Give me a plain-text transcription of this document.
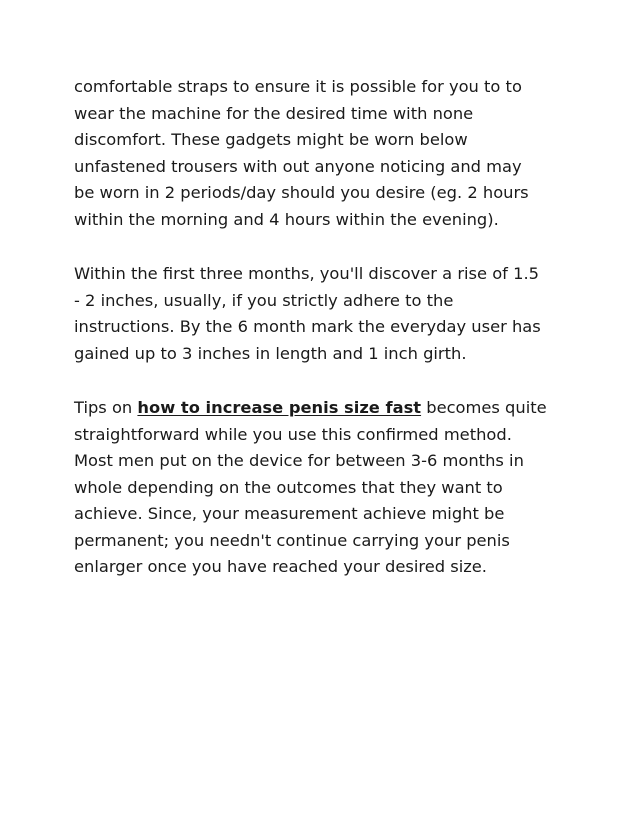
comfortable straps to ensure it is possible for you to to
wear the machine for the desired time with none
discomfort. These gadgets might be worn below
unfastened trousers with out anyone noticing and may
be worn in 2 periods/day should you desire (eg. 2 hours
within the morning and 4 hours within the evening).

Within the first three months, you'll discover a rise of 1.5
- 2 inches, usually, if you strictly adhere to the
instructions. By the 6 month mark the everyday user has
gained up to 3 inches in length and 1 inch girth.

Tips on how to increase penis size fast becomes quite
straightforward while you use this confirmed method.
Most men put on the device for between 3-6 months in
whole depending on the outcomes that they want to
achieve. Since, your measurement achieve might be
permanent; you needn't continue carrying your penis
enlarger once you have reached your desired size.
